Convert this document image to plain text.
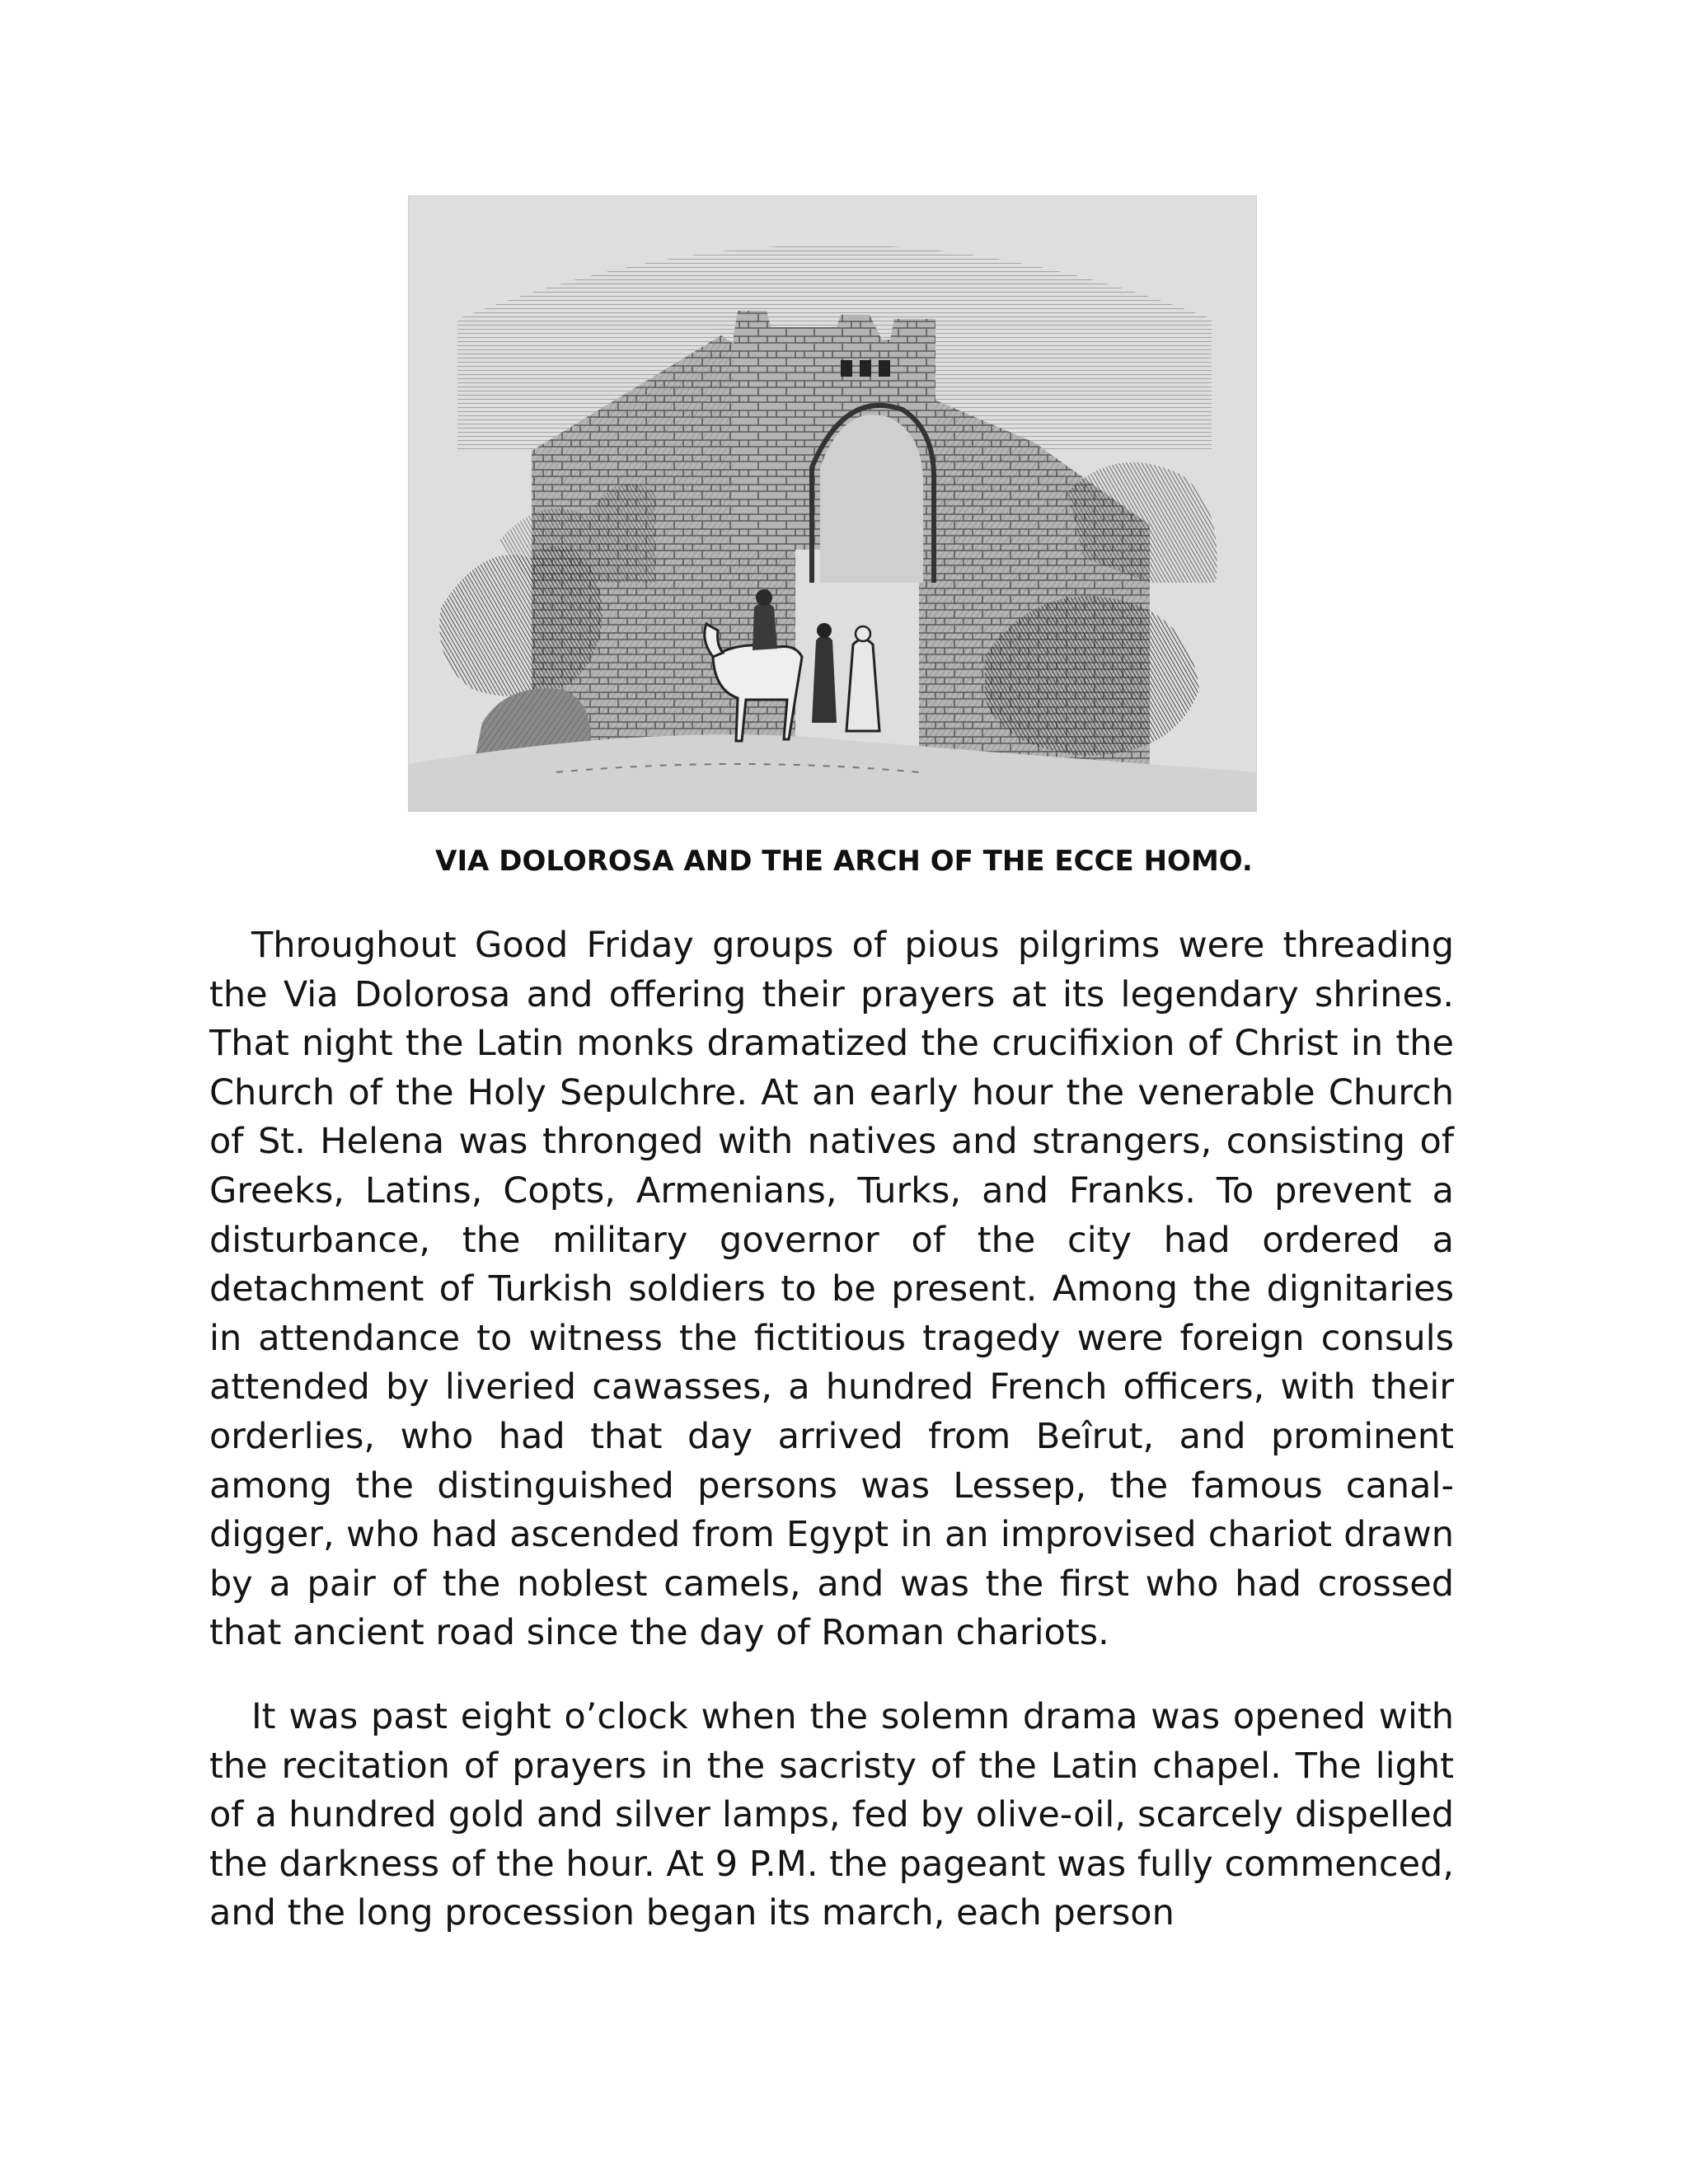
VIA DOLOROSA AND THE ARCH OF THE ECCE HOMO.

Throughout Good Friday groups of pious pilgrims were threading the Via Dolorosa and offering their prayers at its legendary shrines. That night the Latin monks dramatized the crucifixion of Christ in the Church of the Holy Sepulchre. At an early hour the venerable Church of St. Helena was thronged with natives and strangers, consisting of Greeks, Latins, Copts, Armenians, Turks, and Franks. To prevent a disturbance, the military governor of the city had ordered a detachment of Turkish soldiers to be present. Among the dignitaries in attendance to witness the fictitious tragedy were foreign consuls attended by liveried cawasses, a hundred French officers, with their orderlies, who had that day arrived from Beîrut, and prominent among the distinguished persons was Lessep, the famous canal-digger, who had ascended from Egypt in an improvised chariot drawn by a pair of the noblest camels, and was the first who had crossed that ancient road since the day of Roman chariots.

It was past eight o’clock when the solemn drama was opened with the recitation of prayers in the sacristy of the Latin chapel. The light of a hundred gold and silver lamps, fed by olive-oil, scarcely dispelled the darkness of the hour. At 9 P.M. the pageant was fully commenced, and the long procession began its march, each person
